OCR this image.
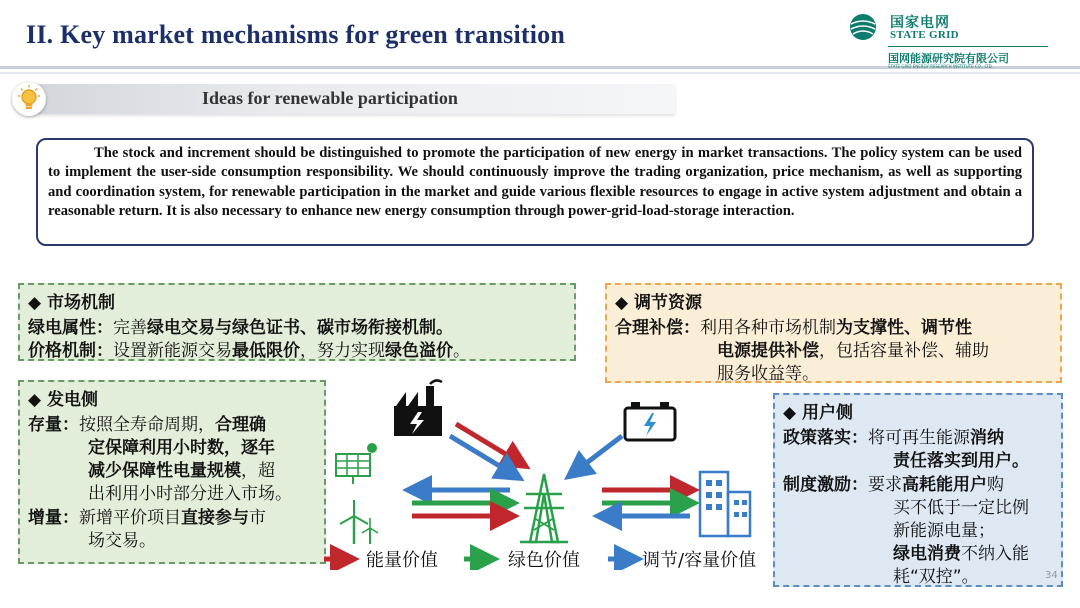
II. Key market mechanisms for green transition	国家电网
STATE GRID
国网能源研究院有限公司
STATE GRID ENERGY RESEARCH INSTITUTE CO., LTD.
Ideas for renewable participation
The stock and increment should be distinguished to promote the participation of new energy in market transactions. The policy system can be used to implement the user-side consumption responsibility. We should continuously improve the trading organization, price mechanism, as well as supporting and coordination system, for renewable participation in the market and guide various flexible resources to engage in active system adjustment and obtain a reasonable return. It is also necessary to enhance new energy consumption through power-grid-load-storage interaction.
◆ 市场机制
绿电属性：完善绿电交易与绿色证书、碳市场衔接机制。
价格机制：设置新能源交易最低限价，努力实现绿色溢价。
◆ 调节资源
合理补偿：利用各种市场机制为支撑性、调节性
电源提供补偿，包括容量补偿、辅助
服务收益等。
◆ 发电侧
存量：按照全寿命周期，合理确
定保障利用小时数，逐年
减少保障性电量规模，超
出利用小时部分进入市场。
增量：新增平价项目直接参与市
场交易。
◆ 用户侧
政策落实：将可再生能源消纳
责任落实到用户。
制度激励：要求高耗能用户购
买不低于一定比例
新能源电量；
绿电消费不纳入能
耗“双控”。
能量价值	绿色价值	调节/容量价值
34
